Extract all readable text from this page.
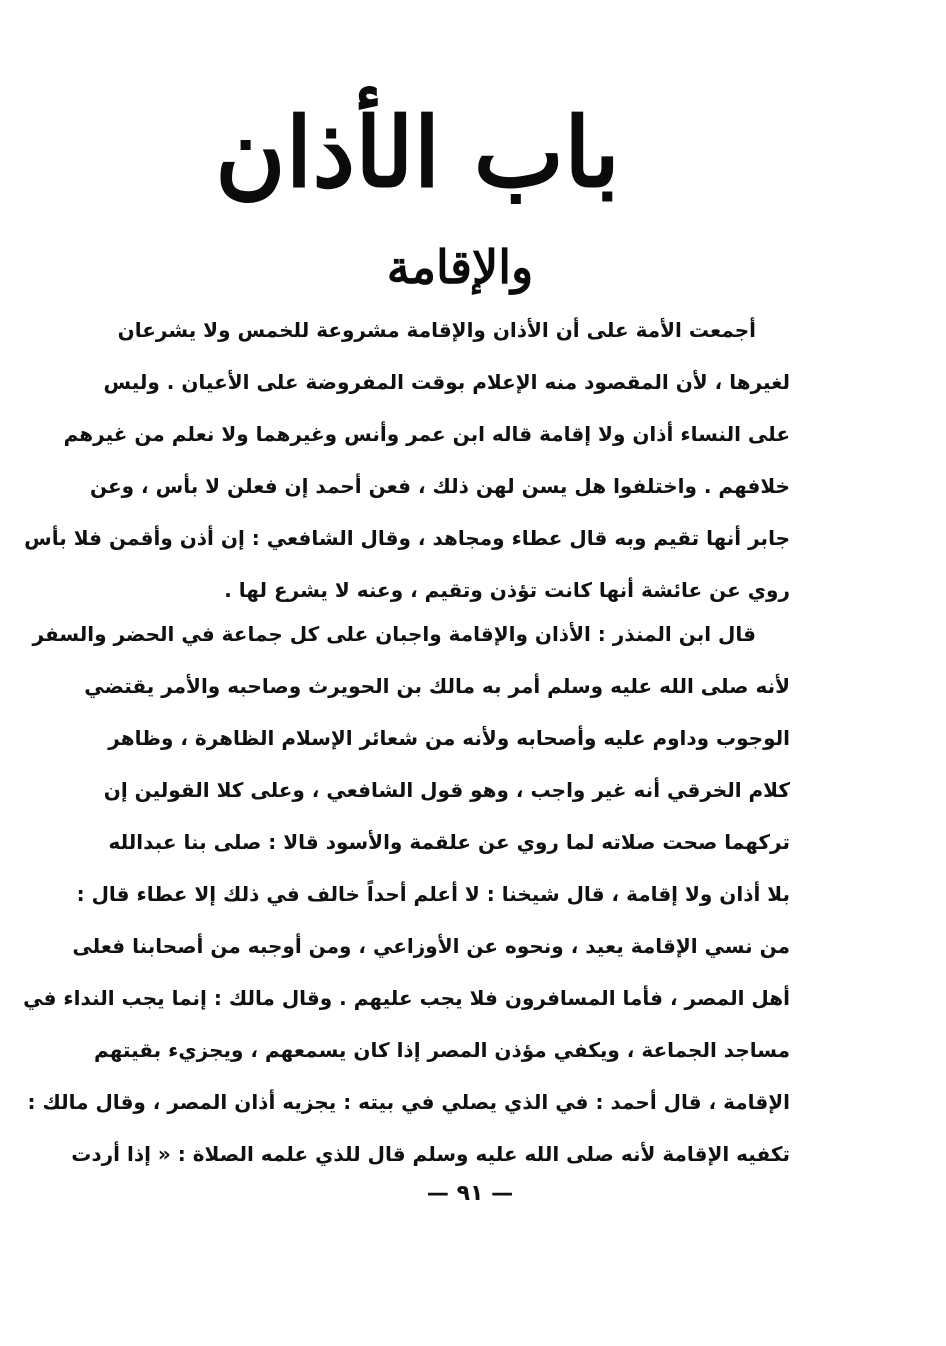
باب الأذان
والإقامة
أجمعت الأمة على أن الأذان والإقامة مشروعة للخمس ولا يشرعان
لغيرها ، لأن المقصود منه الإعلام بوقت المفروضة على الأعيان . وليس
على النساء أذان ولا إقامة قاله ابن عمر وأنس وغيرهما ولا نعلم من غيرهم
خلافهم . واختلفوا هل يسن لهن ذلك ، فعن أحمد إن فعلن لا بأس ، وعن
جابر أنها تقيم وبه قال عطاء ومجاهد ، وقال الشافعي : إن أذن وأقمن فلا بأس
روي عن عائشة أنها كانت تؤذن وتقيم ، وعنه لا يشرع لها .
قال ابن المنذر : الأذان والإقامة واجبان على كل جماعة في الحضر والسفر
لأنه صلى الله عليه وسلم أمر به مالك بن الحويرث وصاحبه والأمر يقتضي
الوجوب وداوم عليه وأصحابه ولأنه من شعائر الإسلام الظاهرة ، وظاهر
كلام الخرقي أنه غير واجب ، وهو قول الشافعي ، وعلى كلا القولين إن
تركهما صحت صلاته لما روي عن علقمة والأسود قالا : صلى بنا عبدالله
بلا أذان ولا إقامة ، قال شيخنا : لا أعلم أحداً خالف في ذلك إلا عطاء قال :
من نسي الإقامة يعيد ، ونحوه عن الأوزاعي ، ومن أوجبه من أصحابنا فعلى
أهل المصر ، فأما المسافرون فلا يجب عليهم . وقال مالك : إنما يجب النداء في
مساجد الجماعة ، ويكفي مؤذن المصر إذا كان يسمعهم ، ويجزيء بقيتهم
الإقامة ، قال أحمد : في الذي يصلي في بيته : يجزيه أذان المصر ، وقال مالك :
تكفيه الإقامة لأنه صلى الله عليه وسلم قال للذي علمه الصلاة : « إذا أردت
— ٩١ —
